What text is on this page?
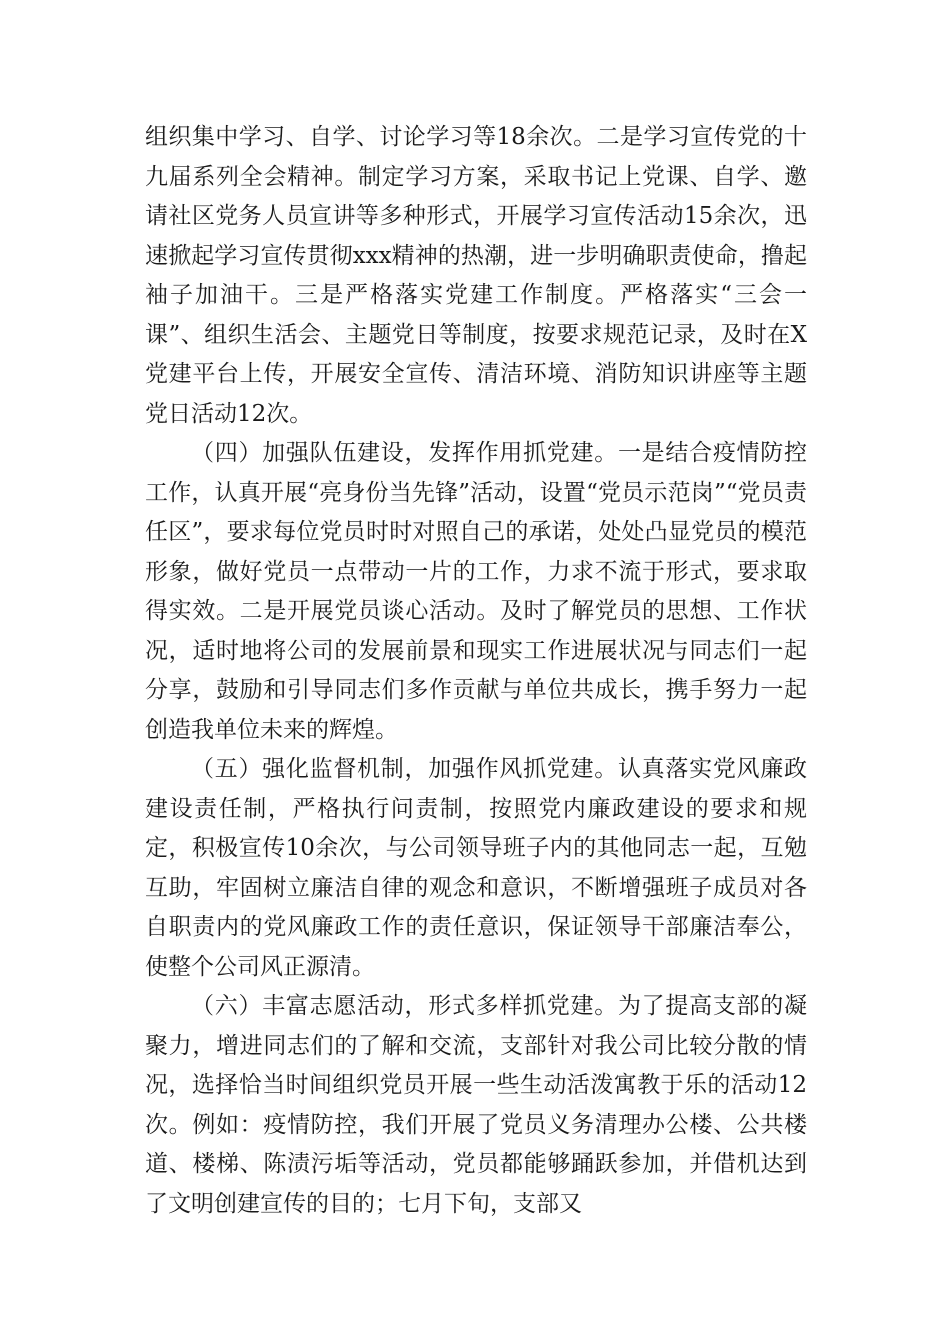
组织集中学习、自学、讨论学习等18余次。二是学习宣传党的十九届系列全会精神。制定学习方案，采取书记上党课、自学、邀请社区党务人员宣讲等多种形式，开展学习宣传活动15余次，迅速掀起学习宣传贯彻xxx精神的热潮，进一步明确职责使命，撸起袖子加油干。三是严格落实党建工作制度。严格落实“三会一课”、组织生活会、主题党日等制度，按要求规范记录，及时在X党建平台上传，开展安全宣传、清洁环境、消防知识讲座等主题党日活动12次。

（四）加强队伍建设，发挥作用抓党建。一是结合疫情防控工作，认真开展“亮身份当先锋”活动，设置“党员示范岗”“党员责任区”，要求每位党员时时对照自己的承诺，处处凸显党员的模范形象，做好党员一点带动一片的工作，力求不流于形式，要求取得实效。二是开展党员谈心活动。及时了解党员的思想、工作状况，适时地将公司的发展前景和现实工作进展状况与同志们一起分享，鼓励和引导同志们多作贡献与单位共成长，携手努力一起创造我单位未来的辉煌。

（五）强化监督机制，加强作风抓党建。认真落实党风廉政建设责任制，严格执行问责制，按照党内廉政建设的要求和规定，积极宣传10余次，与公司领导班子内的其他同志一起，互勉互助，牢固树立廉洁自律的观念和意识，不断增强班子成员对各自职责内的党风廉政工作的责任意识，保证领导干部廉洁奉公，使整个公司风正源清。

（六）丰富志愿活动，形式多样抓党建。为了提高支部的凝聚力，增进同志们的了解和交流，支部针对我公司比较分散的情况，选择恰当时间组织党员开展一些生动活泼寓教于乐的活动12次。例如：疫情防控，我们开展了党员义务清理办公楼、公共楼道、楼梯、陈渍污垢等活动，党员都能够踊跃参加，并借机达到了文明创建宣传的目的；七月下旬，支部又
